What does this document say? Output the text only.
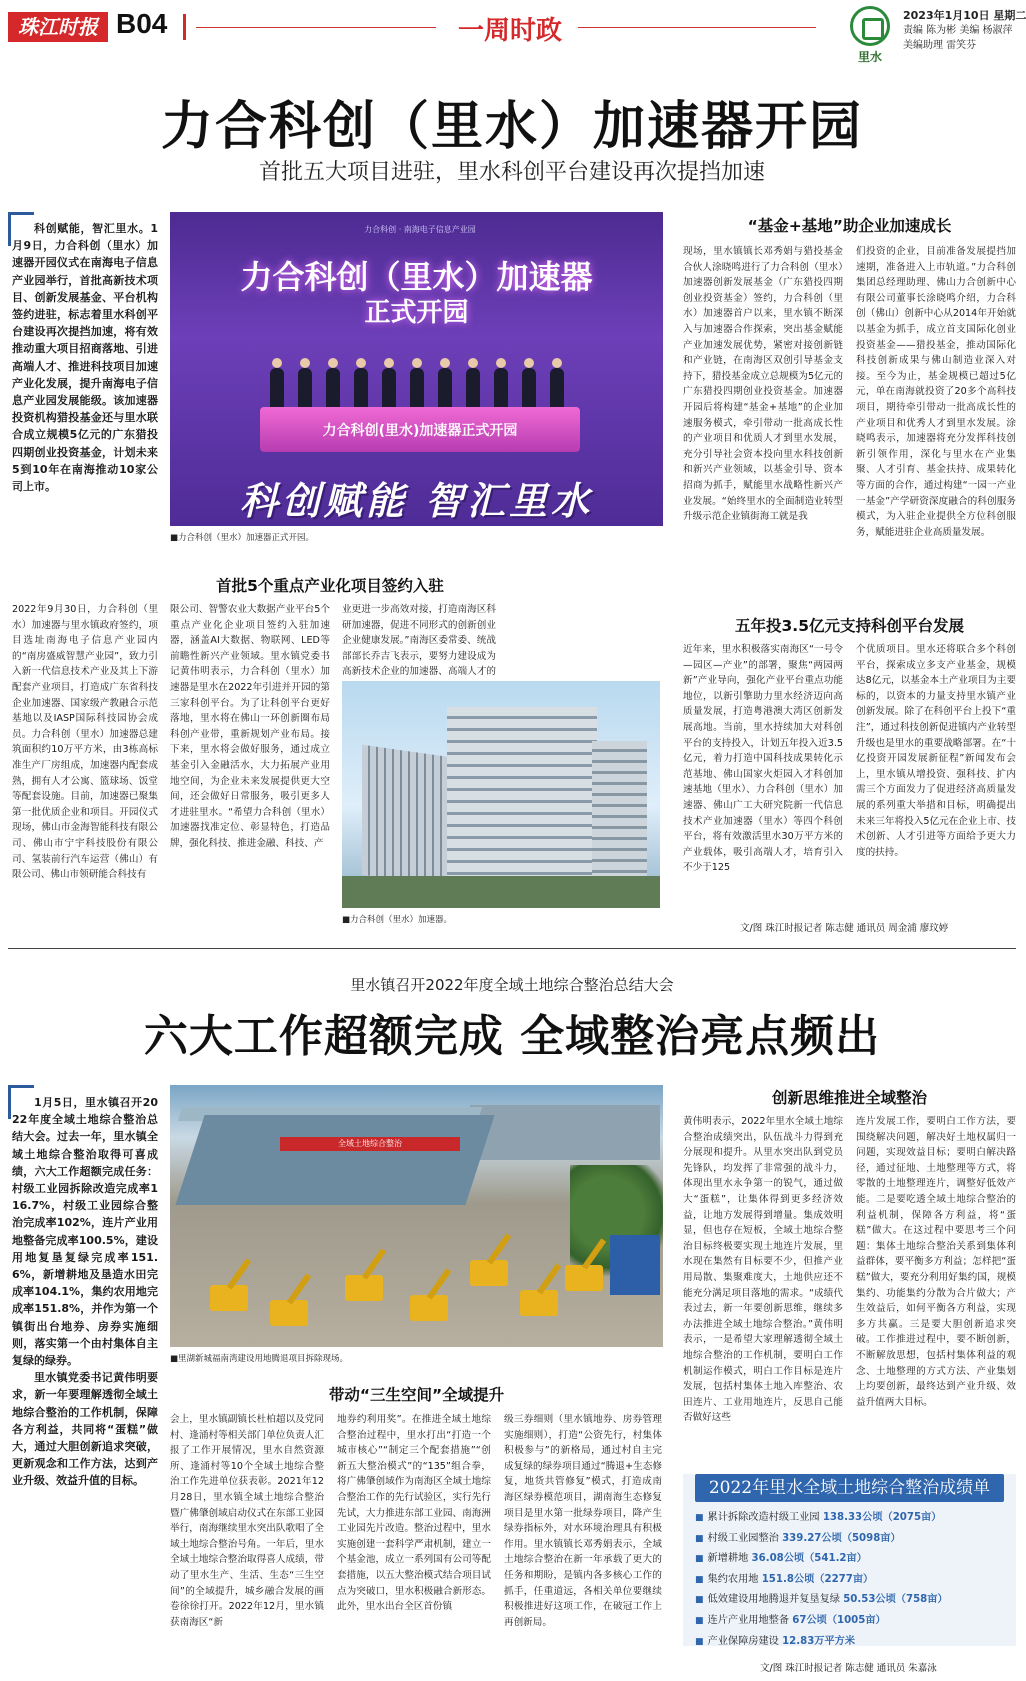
珠江时报 B04	一周时政
里水
2023年1月10日 星期二
责编 陈为彬 美编 杨淑萍
美编助理 雷笑芬
力合科创（里水）加速器开园
首批五大项目进驻，里水科创平台建设再次提挡加速
科创赋能，智汇里水。1月9日，力合科创（里水）加速器开园仪式在南海电子信息产业园举行，首批高新技术项目、创新发展基金、平台机构签约进驻，标志着里水科创平台建设再次提挡加速，将有效推动重大项目招商落地、引进高端人才、推进科技项目加速产业化发展，提升南海电子信息产业园发展能级。该加速器投资机构猎投基金还与里水联合成立规模5亿元的广东猎投四期创业投资基金，计划未来5到10年在南海推动10家公司上市。
力合科创 · 南海电子信息产业园
力合科创（里水）加速器
正式开园
力合科创(里水)加速器正式开园
科创赋能 智汇里水
■力合科创（里水）加速器正式开园。
首批5个重点产业化项目签约入驻
2022年9月30日，力合科创（里水）加速器与里水镇政府签约，项目选址南海电子信息产业园内的“南房盛威智慧产业园”，致力引入新一代信息技术产业及其上下游配套产业项目，打造成广东省科技企业加速器、国家级产教融合示范基地以及IASP国际科技园协会成员。力合科创（里水）加速器总建筑面积约10万平方米，由3栋高标准生产厂房组成，加速器内配套成熟，拥有人才公寓、篮球场、饭堂等配套设施。目前，加速器已聚集第一批优质企业和项目。开园仪式现场，佛山市金海智能科技有限公司、佛山市宁宇科技股份有限公司、氢装前行汽车运营（佛山）有限公司、佛山市领研能合科技有
限公司、智警农业大数据产业平台5个重点产业化企业项目签约入驻加速器，涵盖AI大数据、物联网、LED等前瞻性新兴产业领域。里水镇党委书记黄伟明表示，力合科创（里水）加速器是里水在2022年引进并开园的第三家科创平台。为了让科创平台更好落地，里水将在佛山一环创新圈布局科创产业带，重新规划产业布局。接下来，里水将会做好服务，通过成立基金引入金融活水，大力拓展产业用地空间，为企业未来发展提供更大空间，还会做好日常服务，吸引更多人才进驻里水。“希望力合科创（里水）加速器找准定位、彰显特色，打造品牌，强化科技、推进金融、科技、产
业更进一步高效对接，打造南海区科研加速器，促进不同形式的创新创业企业健康发展。”南海区委常委、统战部部长乔吉飞表示，要努力建设成为高新技术企业的加速器、高端人才的
■力合科创（里水）加速器。
“基金+基地”助企业加速成长
现场，里水镇镇长邓秀娟与猎投基金合伙人涂晓鸣进行了力合科创（里水）加速器创新发展基金（广东猎投四期创业投资基金）签约，力合科创（里水）加速器首户以来，里水镇不断深入与加速器合作探索，突出基金赋能产业加速发展优势，紧密对接创新链和产业链，在南海区双创引导基金支持下，猎投基金成立总规模为5亿元的广东猎投四期创业投资基金。加速器开园后将构建“基金+基地”的企业加速服务模式，牵引带动一批高成长性的产业项目和优质人才到里水发展，充分引导社会资本投向里水科技创新和新兴产业领域，以基金引导、资本招商为抓手，赋能里水战略性新兴产业发展。“始终里水的全面制造业转型升级示范企业镇街海工就是我
们投资的企业，目前准备发展提挡加速期，准备进入上市轨道。”力合科创集团总经理助理、佛山力合创新中心有限公司董事长涂晓鸣介绍，力合科创（佛山）创新中心从2014年开始就以基金为抓手，成立首支国际化创业投资基金——猎投基金，推动国际化科技创新成果与佛山制造业深入对接。至今为止，基金规模已超过5亿元，单在南海就投资了20多个高科技项目，期待牵引带动一批高成长性的产业项目和优秀人才到里水发展。涂晓鸣表示，加速器将充分发挥科技创新引领作用，深化与里水在产业集聚、人才引育、基金扶持、成果转化等方面的合作，通过构建“一园一产业一基金”产学研资深度融合的科创服务模式，为入驻企业提供全方位科创服务，赋能进驻企业高质量发展。
五年投3.5亿元支持科创平台发展
近年来，里水积极落实南海区“一号令—园区—产业”的部署，聚焦“两园两新”产业导向，强化产业平台重点功能地位，以新引擎助力里水经济迈向高质量发展，打造粤港澳大湾区创新发展高地。当前，里水持续加大对科创平台的支持投入，计划五年投入近3.5亿元，着力打造中国科技成果转化示范基地、佛山国家火炬园入才科创加速基地（里水）、力合科创（里水）加速器、佛山广工大研究院新一代信息技术产业加速器（里水）等四个科创平台，将有效激活里水30万平方米的产业载体，吸引高端人才，培育引入不少于125
个优质项目。里水还将联合多个科创平台，探索成立多支产业基金，规模达8亿元，以基金本土产业项目为主要标的，以资本的力量支持里水镇产业创新发展。除了在科创平台上投下“重注”，通过科技创新促进镇内产业转型升级也是里水的重要战略部署。在“十亿投资开园发展新征程”新闻发布会上，里水镇从增投资、强科技、扩内需三个方面发力了促进经济高质量发展的系列重大举措和目标，明确提出未来三年将投入5亿元在企业上市、技术创新、人才引进等方面给予更大力度的扶持。
文/图 珠江时报记者 陈志健 通讯员 周金浦 廖玟婷
里水镇召开2022年度全域土地综合整治总结大会
六大工作超额完成 全域整治亮点频出

1月5日，里水镇召开2022年度全域土地综合整治总结大会。过去一年，里水镇全域土地综合整治取得可喜成绩，六大工作超额完成任务：村级工业园拆除改造完成率116.7%，村级工业园综合整治完成率102%，连片产业用地整备完成率100.5%，建设用地复垦复绿完成率151.6%，新增耕地及垦造水田完成率104.1%，集约农用地完成率151.8%，并作为第一个镇街出台地券、房券实施细则，落实第一个由村集体自主复绿的绿券。

里水镇党委书记黄伟明要求，新一年要理解透彻全域土地综合整治的工作机制，保障各方利益，共同将“蛋糕”做大，通过大胆创新追求突破，更新观念和工作方法，达到产业升级、效益升值的目标。

全域土地综合整治
■里湖新城福南湾建设用地腾退项目拆除现场。
带动“三生空间”全域提升
会上，里水镇副镇长杜柏超以及党同村、逢涌村等相关部门单位负责人汇报了工作开展情况，里水自然资源所、逢涌村等10个全域土地综合整治工作先进单位获表彰。2021年12月28日，里水镇全域土地综合整治暨广佛肇创域启动仪式在东部工业园举行，南海继续里水突出队歌唱了全域土地综合整治号角。一年后，里水全域土地综合整治取得喜人成绩，带动了里水生产、生活、生态“三生空间”的全域提升，城乡融合发展的画卷徐徐打开。2022年12月，里水镇获南海区“新
地券约利用奖”。在推进全域土地综合整治过程中，里水打出“打造一个城市核心”“制定三个配套措施”“创新五大整治模式”的“135”组合拳，将广佛肇创域作为南海区全域土地综合整治工作的先行试验区，实行先行先试，大力推进东部工业园、南海洲工业园先片改造。整治过程中，里水实施创建一套科学严肃机制，建立一个基金池，成立一系列国有公司等配套措施，以五大整治模式结合项目试点为突破口，里水积极融合新形态。此外，里水出台全区首份镇
级三券细则（里水镇地券、房券管理实施细则），打造“公资先行，村集体积极参与”的新格局，通过村自主完成复绿的绿券项目通过“腾退+生态修复，地货共管修复”模式，打造成南海区绿券模范项目，湖南海生态修复项目是里水第一批绿券项目，降产生绿券指标外，对水环境治理具有积极作用。里水镇镇长邓秀娟表示，全域土地综合整治在新一年承载了更大的任务和期盼，是镇内各多核心工作的抓手，任重道远，各相关单位要继续积极推进好这项工作，在破冠工作上再创新局。
创新思维推进全域整治
黄伟明表示，2022年里水全域土地综合整治成绩突出，队伍战斗力得到充分展现和提升。从里水突出队到党员先锋队，均发挥了非常强的战斗力，体现出里水永争第一的锐气，通过做大“蛋糕”，让集体得到更多经济效益，让地方发展得到增量。集成效明显，但也存在短板，全域土地综合整治目标终极要实现土地连片发展，里水现在集然有目标要不少，但推产业用局散、集聚难度大，土地供应还不能充分满足项目落地的需求。“成绩代表过去，新一年要创新思维，继续多办法推进全域土地综合整治。”黄伟明表示，一是希望大家理解透彻全域土地综合整治的工作机制，要明白工作机制运作模式，明白工作目标是连片发展，包括村集体土地入库整治、农田连片、工业用地连片，反思自己能否做好这些
连片发展工作，要明白工作方法，要围绕解决问题，解决好土地权属归一问题，实现效益目标；要明白解决路径，通过征地、土地整理等方式，将零散的土地整理连片，调整好低效产能。二是要吃透全域土地综合整治的利益机制，保障各方利益，将“蛋糕”做大。在这过程中要思考三个问题：集体土地综合整治关系到集体利益群体，要平衡多方利益；怎样把“蛋糕”做大，要充分利用好集约国，规模集约、功能集约分散为合片做大；产生效益后，如何平衡各方利益，实现多方共赢。三是要大胆创新追求突破。工作推进过程中，要不断创新，不断解放思想，包括村集体利益的观念、土地整理的方式方法、产业集划上均要创新，最终达到产业升级、效益升值两大目标。
2022年里水全域土地综合整治成绩单
■ 累计拆除改造村级工业园 138.33公顷（2075亩）
■ 村级工业园整治 339.27公顷（5098亩）
■ 新增耕地 36.08公顷（541.2亩）
■ 集约农用地 151.8公顷（2277亩）
■ 低效建设用地腾退并复垦复绿 50.53公顷（758亩）
■ 连片产业用地整备 67公顷（1005亩）
■ 产业保障房建设 12.83万平方米
文/图 珠江时报记者 陈志健 通讯员 朱嘉泳
